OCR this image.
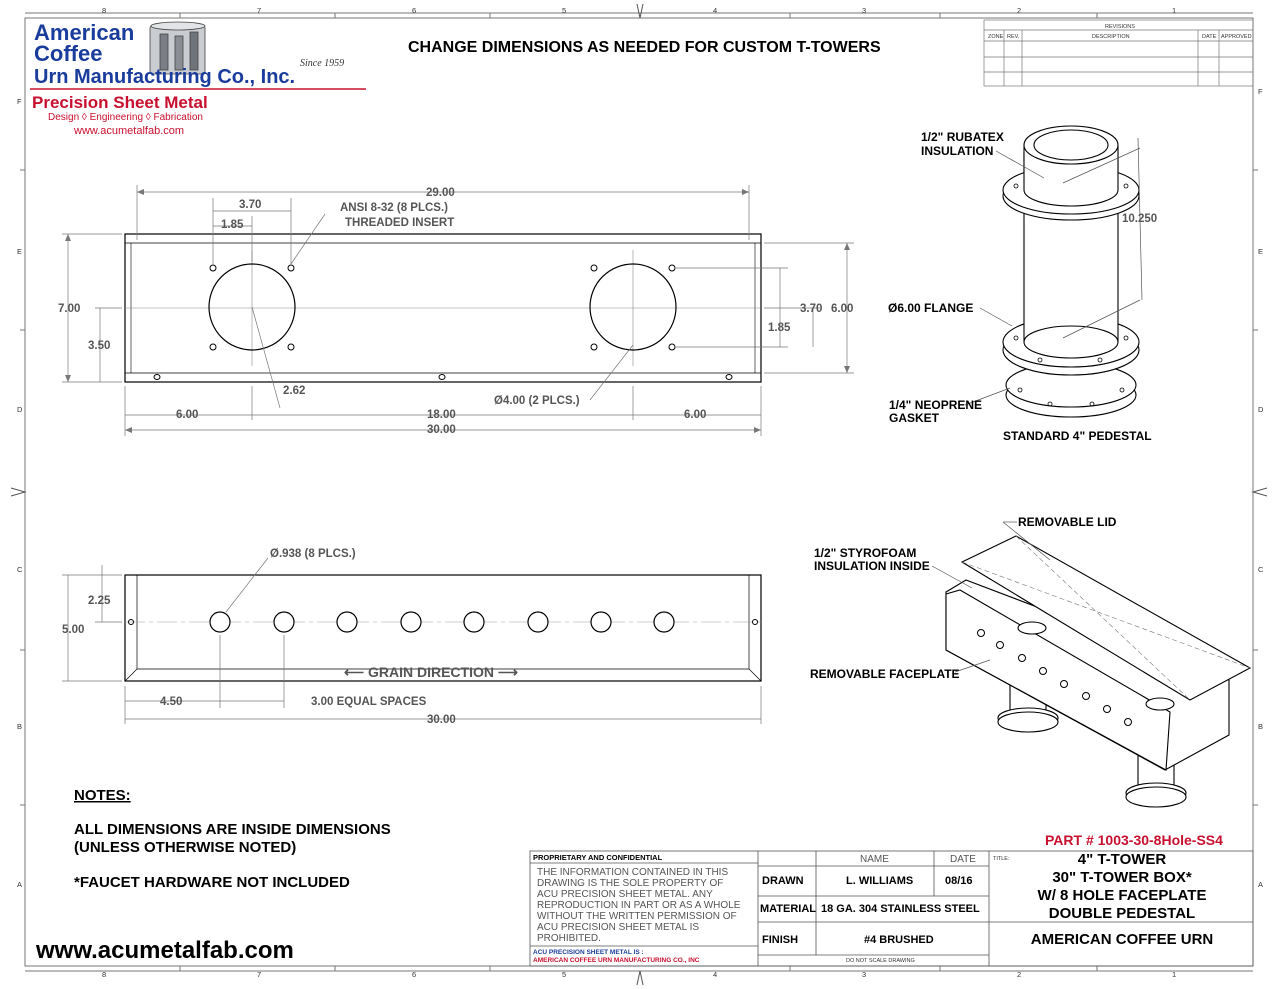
8	7	6	5	4	3	2	1
8	7	6	5	4	3	2	1
F
E
D
C
B
A
F
E
D
C
B
A
American
Coffee
Urn Manufacturing Co., Inc.
Since 1959
Precision Sheet Metal
Design ◊ Engineering ◊ Fabrication
www.acumetalfab.com
CHANGE DIMENSIONS AS NEEDED FOR CUSTOM T-TOWERS
REVISIONS
ZONE REV.	DESCRIPTION	DATE APPROVED
29.00
3.70
1.85
ANSI 8-32 (8 PLCS.)
THREADED INSERT
7.00
3.50
3.70 6.00
1.85
2.62
6.00	18.00	6.00
30.00
Ø4.00 (2 PLCS.)
Ø.938 (8 PLCS.)
2.25
5.00
⟵ GRAIN DIRECTION ⟶
4.50	3.00 EQUAL SPACES
30.00
1/2" RUBATEX
INSULATION
10.250
Ø6.00 FLANGE
1/4" NEOPRENE
GASKET
STANDARD 4" PEDESTAL
REMOVABLE LID
1/2" STYROFOAM
INSULATION INSIDE
REMOVABLE FACEPLATE
NOTES:
ALL DIMENSIONS ARE INSIDE DIMENSIONS
(UNLESS OTHERWISE NOTED)
*FAUCET HARDWARE NOT INCLUDED
www.acumetalfab.com
PART # 1003-30-8Hole-SS4
PROPRIETARY AND CONFIDENTIAL
THE INFORMATION CONTAINED IN THIS
DRAWING IS THE SOLE PROPERTY OF
ACU PRECISION SHEET METAL. ANY
REPRODUCTION IN PART OR AS A WHOLE
WITHOUT THE WRITTEN PERMISSION OF
ACU PRECISION SHEET METAL IS
PROHIBITED.
ACU PRECISION SHEET METAL IS :
AMERICAN COFFEE URN MANUFACTURING CO., INC
NAME	DATE
DRAWN	L. WILLIAMS	08/16
MATERIAL 18 GA. 304 STAINLESS STEEL
FINISH	#4 BRUSHED
DO NOT SCALE DRAWING
TITLE:	4" T-TOWER
30" T-TOWER BOX*
W/ 8 HOLE FACEPLATE
DOUBLE PEDESTAL
AMERICAN COFFEE URN
